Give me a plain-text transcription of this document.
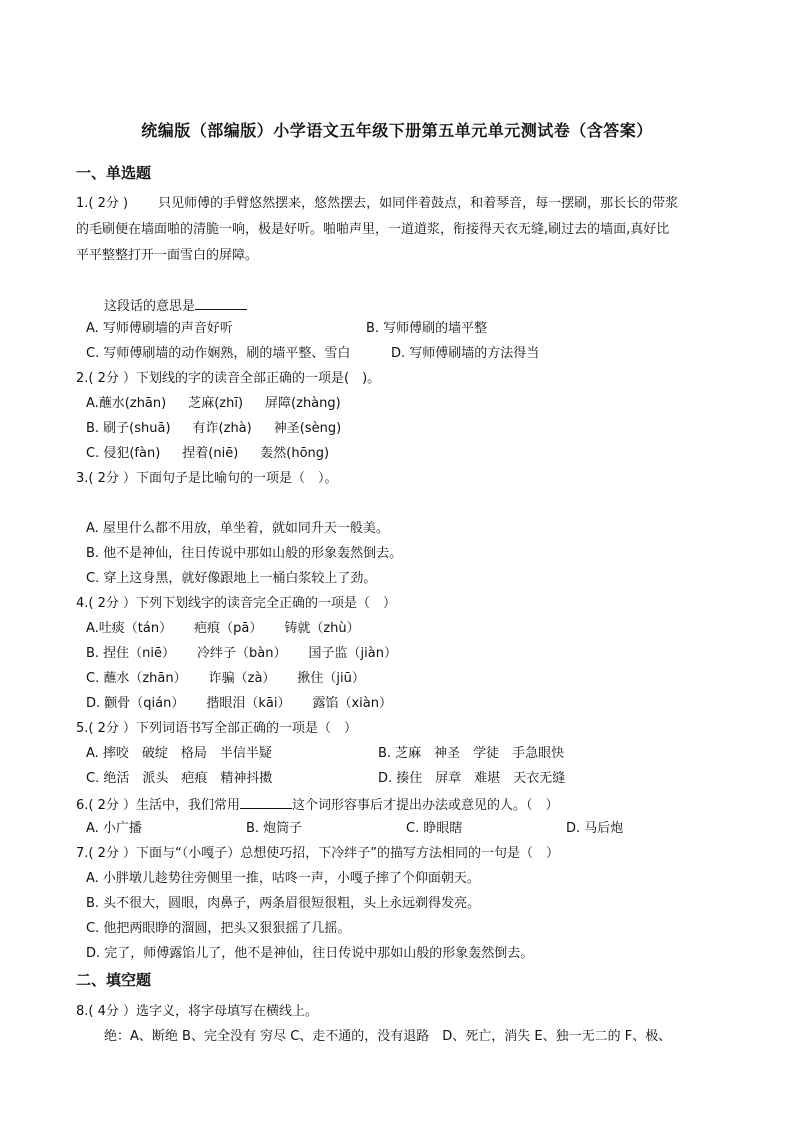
统编版（部编版）小学语文五年级下册第五单元单元测试卷（含答案）
一、单选题
1.( 2分 ) 只见师傅的手臂悠然摆来，悠然摆去，如同伴着鼓点，和着琴音，每一摆刷，那长长的带浆
的毛刷便在墙面啪的清脆一响，极是好听。啪啪声里，一道道浆，衔接得天衣无缝,刷过去的墙面,真好比
平平整整打开一面雪白的屏障。
这段话的意思是
A. 写师傅刷墙的声音好听	B. 写师傅刷的墙平整
C. 写师傅刷墙的动作娴熟，刷的墙平整、雪白	D. 写师傅刷墙的方法得当
2.( 2分 ）下划线的字的读音全部正确的一项是(　)。
A.蘸水(zhān) 芝麻(zhī) 屏障(zhàng)
B. 刷子(shuā) 有诈(zhà) 神圣(sèng)
C. 侵犯(fàn) 捏着(niē) 轰然(hōng)
3.( 2分 ）下面句子是比喻句的一项是（　）。
A. 屋里什么都不用放，单坐着，就如同升天一般美。
B. 他不是神仙，往日传说中那如山般的形象轰然倒去。
C. 穿上这身黑，就好像跟地上一桶白浆较上了劲。
4.( 2分 ）下列下划线字的读音完全正确的一项是（　）
A.吐痰（tán） 疤痕（pā） 铸就（zhù）
B. 捏住（niē） 冷绊子（bàn） 国子监（jiàn）
C. 蘸水（zhān） 诈骗（zà） 揪住（jiū）
D. 颧骨（qián） 揩眼泪（kāi） 露馅（xiàn）
5.( 2分 ）下列词语书写全部正确的一项是（　）
A. 摔咬　破绽　格局　半信半疑	B. 芝麻　神圣　学徒　手急眼快
C. 绝活　派头　疤痕　精神抖擞	D. 揍住　屏章　难堪　天衣无缝
6.( 2分 ）生活中，我们常用	这个词形容事后才提出办法或意见的人。（　）
A. 小广播	B. 炮筒子	C. 睁眼瞎	D. 马后炮
7.( 2分 ）下面与“（小嘎子）总想使巧招，下冷绊子”的描写方法相同的一句是（　）
A. 小胖墩儿趁势往旁侧里一推，咕咚一声，小嘎子摔了个仰面朝天。
B. 头不很大，圆眼，肉鼻子，两条眉很短很粗，头上永远剃得发亮。
C. 他把两眼睁的溜圆，把头又狠狠摇了几摇。
D. 完了，师傅露馅儿了，他不是神仙，往日传说中那如山般的形象轰然倒去。
二、填空题
8.( 4分 ）选字义，将字母填写在横线上。
绝：A、断绝 B、完全没有 穷尽 C、走不通的，没有退路　D、死亡，消失 E、独一无二的 F、极、
